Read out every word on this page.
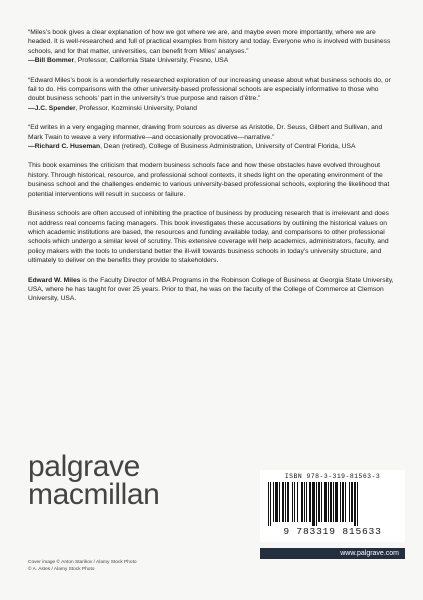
“Miles’s book gives a clear explanation of how we got where we are, and maybe even more importantly, where we are headed. It is well-researched and full of practical examples from history and today. Everyone who is involved with business schools, and for that matter, universities, can benefit from Miles’ analyses.”
—Bill Bommer, Professor, California State University, Fresno, USA

“Edward Miles’s book is a wonderfully researched exploration of our increasing unease about what business schools do, or fail to do. His comparisons with the other university-based professional schools are especially informative to those who doubt business schools’ part in the university’s true purpose and raison d’être.”
—J.C. Spender, Professor, Kozminski University, Poland

“Ed writes in a very engaging manner, drawing from sources as diverse as Aristotle, Dr. Seuss, Gilbert and Sullivan, and Mark Twain to weave a very informative—and occasionally provocative—narrative.”
—Richard C. Huseman, Dean (retired), College of Business Administration, University of Central Florida, USA

This book examines the criticism that modern business schools face and how these obstacles have evolved throughout history. Through historical, resource, and professional school contexts, it sheds light on the operating environment of the business school and the challenges endemic to various university-based professional schools, exploring the likelihood that potential interventions will result in success or failure.

Business schools are often accused of inhibiting the practice of business by producing research that is irrelevant and does not address real concerns facing managers. This book investigates these accusations by outlining the historical values on which academic institutions are based, the resources and funding available today, and comparisons to other professional schools which undergo a similar level of scrutiny. This extensive coverage will help academics, administrators, faculty, and policy makers with the tools to understand better the ill-will towards business schools in today’s university structure, and ultimately to deliver on the benefits they provide to stakeholders.

Edward W. Miles is the Faculty Director of MBA Programs in the Robinson College of Business at Georgia State University, USA, where he has taught for over 25 years. Prior to that, he was on the faculty of the College of Commerce at Clemson University, USA.

palgrave
macmillan
ISBN 978-3-319-81563-3
9 783319 815633
www.palgrave.com
Cover image © Anton Starikov / Alamy Stock Photo
© A. Astes / Alamy Stock Photo
